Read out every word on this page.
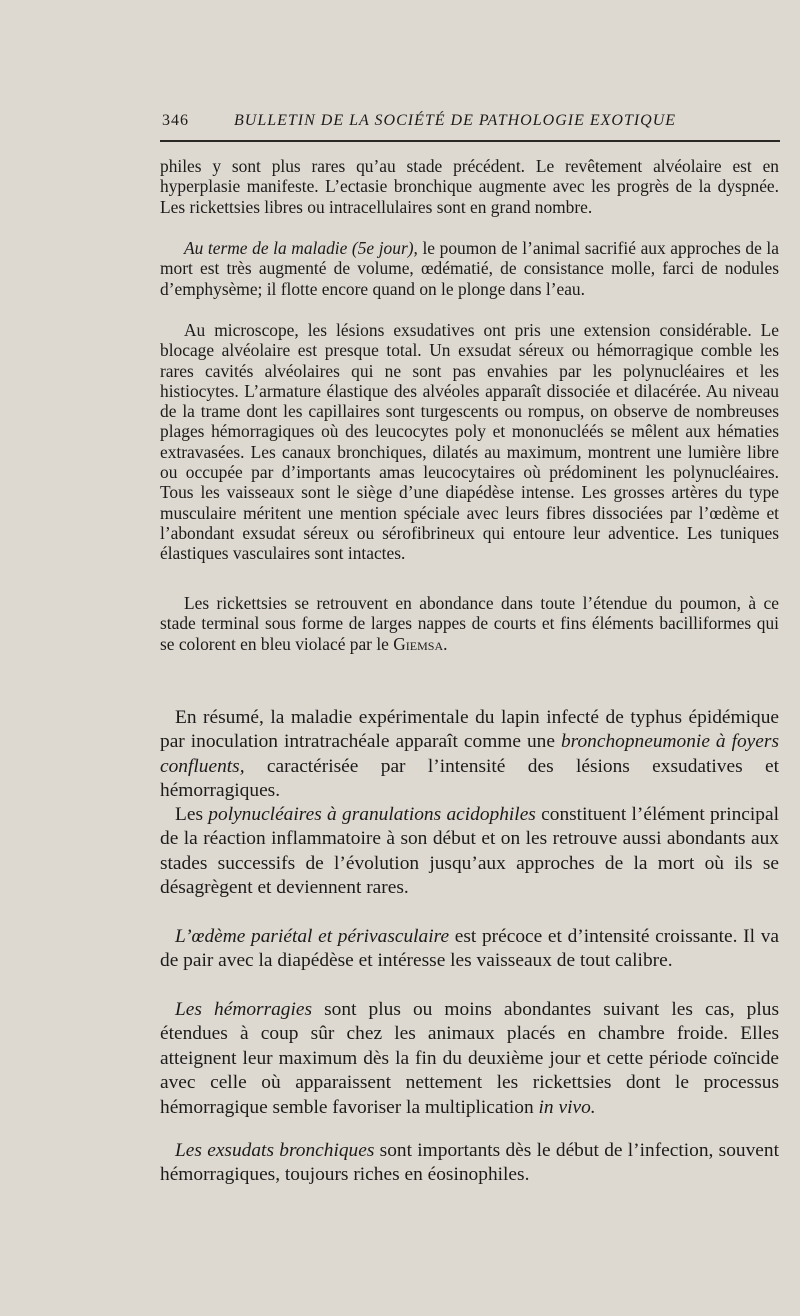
346	BULLETIN DE LA SOCIÉTÉ DE PATHOLOGIE EXOTIQUE

philes y sont plus rares qu’au stade précédent. Le revêtement alvéolaire est en hyperplasie manifeste. L’ectasie bronchique augmente avec les progrès de la dyspnée. Les rickettsies libres ou intracellulaires sont en grand nombre.

Au terme de la maladie (5e jour), le poumon de l’animal sacrifié aux approches de la mort est très augmenté de volume, œdématié, de consistance molle, farci de nodules d’emphysème; il flotte encore quand on le plonge dans l’eau.

Au microscope, les lésions exsudatives ont pris une extension considérable. Le blocage alvéolaire est presque total. Un exsudat séreux ou hémorragique comble les rares cavités alvéolaires qui ne sont pas envahies par les polynucléaires et les histiocytes. L’armature élastique des alvéoles apparaît dissociée et dilacérée. Au niveau de la trame dont les capillaires sont turgescents ou rompus, on observe de nombreuses plages hémorragiques où des leucocytes poly et mononucléés se mêlent aux hématies extravasées. Les canaux bronchiques, dilatés au maximum, montrent une lumière libre ou occupée par d’importants amas leucocytaires où prédominent les polynucléaires. Tous les vaisseaux sont le siège d’une diapédèse intense. Les grosses artères du type musculaire méritent une mention spéciale avec leurs fibres dissociées par l’œdème et l’abondant exsudat séreux ou sérofibrineux qui entoure leur adventice. Les tuniques élastiques vasculaires sont intactes.

Les rickettsies se retrouvent en abondance dans toute l’étendue du poumon, à ce stade terminal sous forme de larges nappes de courts et fins éléments bacilliformes qui se colorent en bleu violacé par le Giemsa.

En résumé, la maladie expérimentale du lapin infecté de typhus épidémique par inoculation intratrachéale apparaît comme une bronchopneumonie à foyers confluents, caractérisée par l’intensité des lésions exsudatives et hémorragiques.

Les polynucléaires à granulations acidophiles constituent l’élément principal de la réaction inflammatoire à son début et on les retrouve aussi abondants aux stades successifs de l’évolution jusqu’aux approches de la mort où ils se désagrègent et deviennent rares.

L’œdème pariétal et périvasculaire est précoce et d’intensité croissante. Il va de pair avec la diapédèse et intéresse les vaisseaux de tout calibre.

Les hémorragies sont plus ou moins abondantes suivant les cas, plus étendues à coup sûr chez les animaux placés en chambre froide. Elles atteignent leur maximum dès la fin du deuxième jour et cette période coïncide avec celle où apparaissent nettement les rickettsies dont le processus hémorragique semble favoriser la multiplication in vivo.

Les exsudats bronchiques sont importants dès le début de l’infection, souvent hémorragiques, toujours riches en éosinophiles.
